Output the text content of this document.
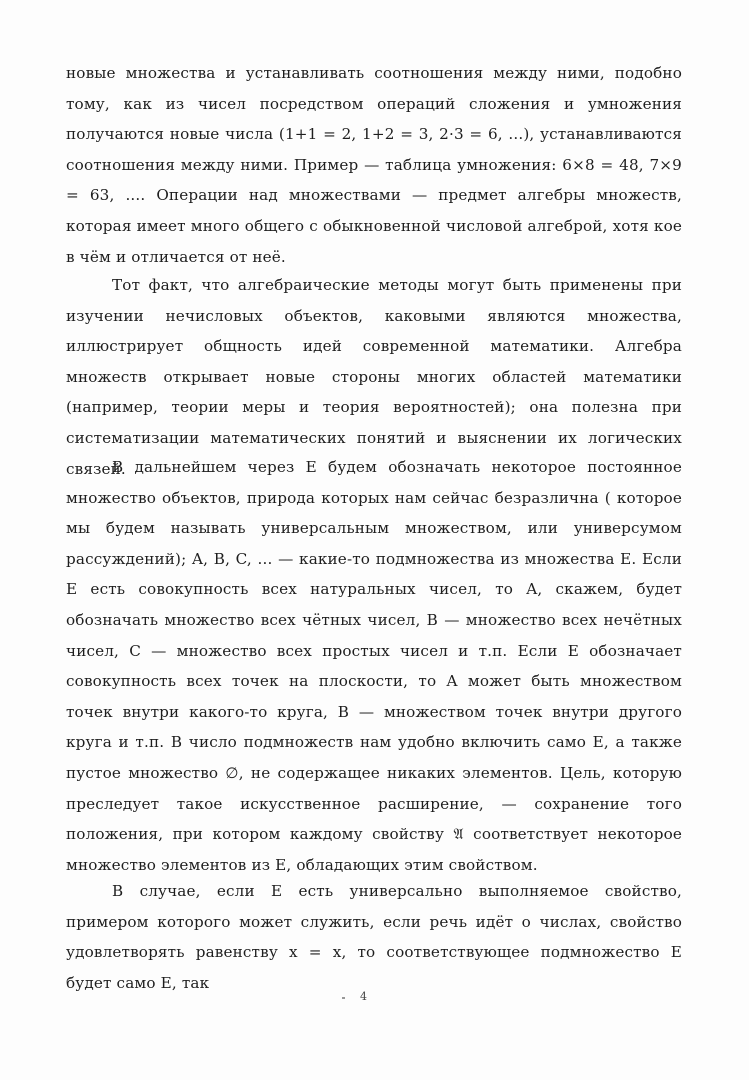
новые множества и устанавливать соотношения между ними, подобно тому, как из чисел посредством операций сложения и умножения получаются новые числа (1+1 = 2, 1+2 = 3, 2·3 = 6, ...), устанавливаются соотношения между ними. Пример — таблица умножения: 6×8 = 48, 7×9 = 63, .... Операции над множествами — предмет алгебры множеств, которая имеет много общего с обыкновенной числовой алгеброй, хотя кое в чём и отличается от неё.

Тот факт, что алгебраические методы могут быть применены при изучении нечисловых объектов, каковыми являются множества, иллюстрирует общность идей современной математики. Алгебра множеств открывает новые стороны многих областей математики (например, теории меры и теория вероятностей); она полезна при систематизации математических понятий и выяснении их логических связей.

В дальнейшем через E будем обозначать некоторое постоянное множество объектов, природа которых нам сейчас безразлична ( которое мы будем называть универсальным множеством, или универсумом рассуждений); A, B, C, ... — какие-то подмножества из множества E. Если E есть совокупность всех натуральных чисел, то A, скажем, будет обозначать множество всех чётных чисел, B — множество всех нечётных чисел, C — множество всех простых чисел и т.п. Если E обозначает совокупность всех точек на плоскости, то A может быть множеством точек внутри какого-то круга, B — множеством точек внутри другого круга и т.п. В число подмножеств нам удобно включить само E, а также пустое множество ∅, не содержащее никаких элементов. Цель, которую преследует такое искусственное расширение, — сохранение того положения, при котором каждому свойству 𝔄 соответствует некоторое множество элементов из E, обладающих этим свойством.

В случае, если E есть универсально выполняемое свойство, примером которого может служить, если речь идёт о числах, свойство удовлетворять равенству x = x, то соответствующее подмножество E будет само E, так

4
